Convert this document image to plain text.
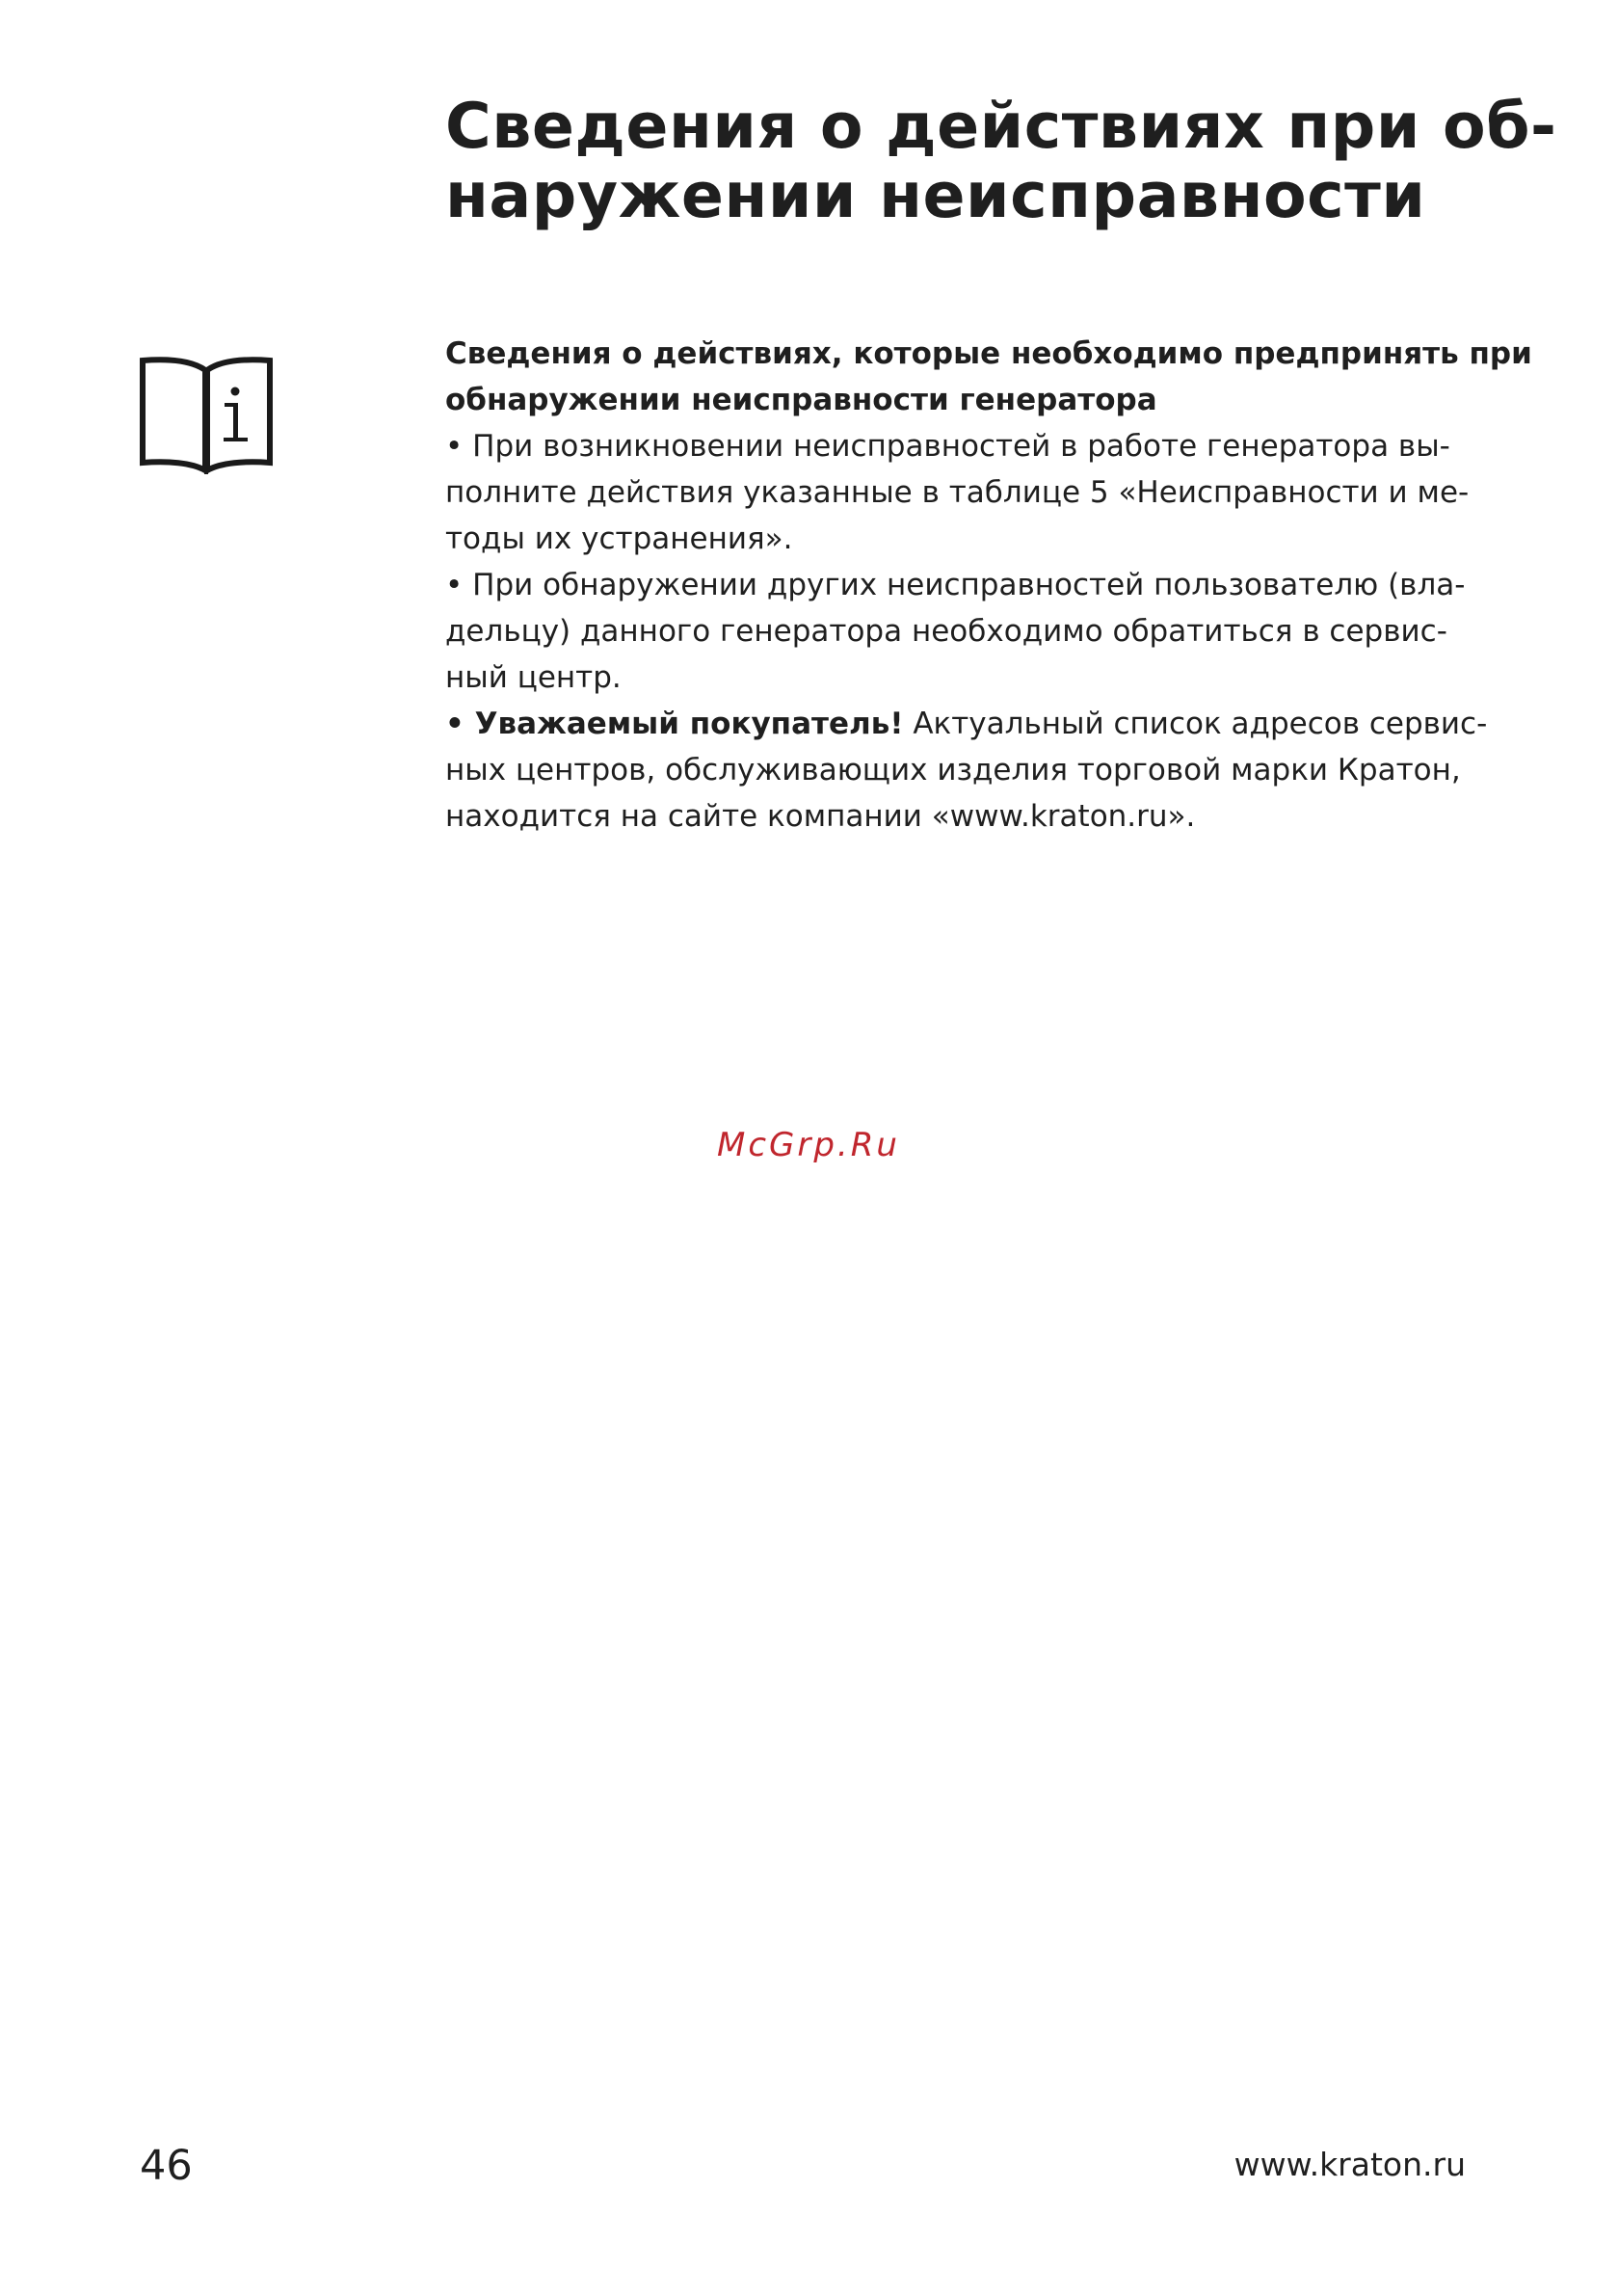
Сведения о действиях при об-
наружении неисправности
Сведения о действиях, которые необходимо предпринять при
обнаружении неисправности генератора
• При возникновении неисправностей в работе генератора вы-
полните действия указанные в таблице 5 «Неисправности и ме-
тоды их устранения».
• При обнаружении других неисправностей пользователю (вла-
дельцу) данного генератора необходимо обратиться в сервис-
ный центр.
• Уважаемый покупатель! Актуальный список адресов сервис-
ных центров, обслуживающих изделия торговой марки Кратон,
находится на сайте компании «www.kraton.ru».
McGrp.Ru
46	www.kraton.ru
